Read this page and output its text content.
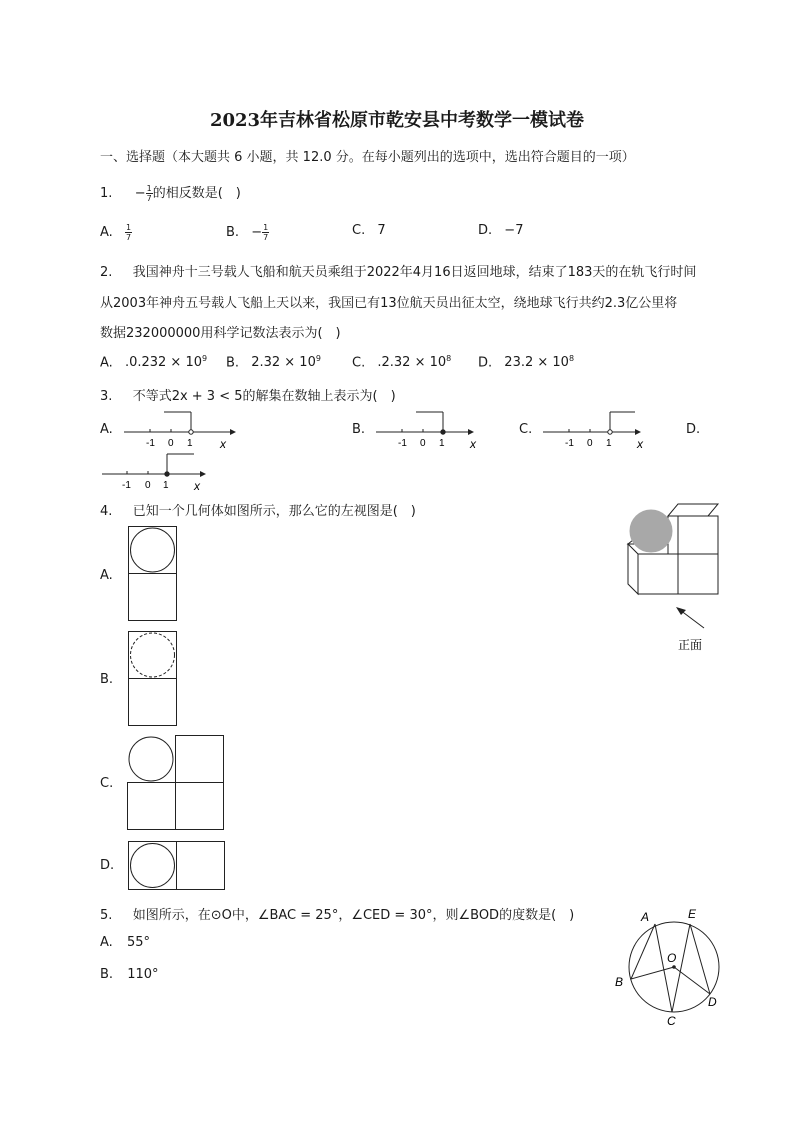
2023年吉林省松原市乾安县中考数学一模试卷
一、选择题（本大题共 6 小题，共 12.0 分。在每小题列出的选项中，选出符合题目的一项）
1. − $\frac{1}{7}$ 的相反数是(　)
A. $\frac{1}{7}$	B. − $\frac{1}{7}$	C. 7	D. −7
2. 我国神舟十三号载人飞船和航天员乘组于2022年4月16日返回地球，结束了183天的在轨飞行时间
从2003年神舟五号载人飞船上天以来，我国已有13位航天员出征太空，绕地球飞行共约2.3亿公里将
数据232000000用科学记数法表示为(　)
A. $.0.232 \times 10^9$ B. $2.32 \times 10^9$ C. $.2.32 \times 10^8$ D. $23.2 \times 10^8$
3. 不等式2x + 3 < 5的解集在数轴上表示为(　)
A.	B.	C.	D.
-1 0 1 x	-1 0 1 x	-1 0 1 x
-1 0 1 x
4. 已知一个几何体如图所示，那么它的左视图是(　)
正面
A.
B.
C.
D.
5. 如图所示，在⊙O中，∠BAC = 25°，∠CED = 30°，则∠BOD的度数是(　)
A. 55°
B. 110°
A	E
O
B
D
C
